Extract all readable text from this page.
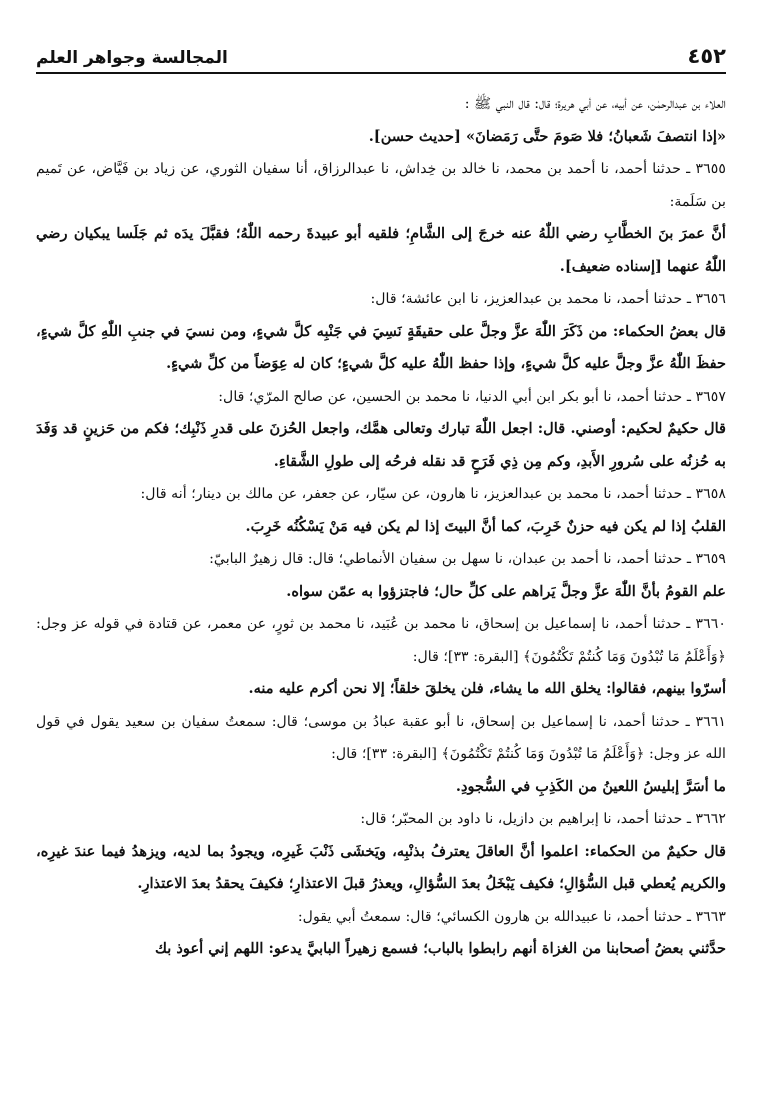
٤٥٢
المجالسة وجواهر العلم

العلاء بن عبدالرحمٰن، عن أبيه، عن أبي هريرة؛ قال: قال النبي ﷺ :

«إذا انتصفَ شَعبانُ؛ فلا صَومَ حتَّى رَمَضانَ» [حديث حسن].

٣٦٥٥ ـ حدثنا أحمد، نا أحمد بن محمد، نا خالد بن خِداش، نا عبدالرزاق، أنا سفيان الثوري، عن زياد بن فَيَّاض، عن تَميم بن سَلَمة:

أنَّ عمرَ بنَ الخطَّابِ رضي اللّٰهُ عنه خرجَ إلى الشَّامِ؛ فلقيه أبو عبيدةَ رحمه اللّٰهُ؛ فقبَّلَ يدَه ثم جَلَسا يبكيان رضي اللّٰهُ عنهما [إسناده ضعيف].

٣٦٥٦ ـ حدثنا أحمد، نا محمد بن عبدالعزيز، نا ابن عائشة؛ قال:

قال بعضُ الحكماء: من ذَكَرَ اللّٰهَ عزَّ وجلَّ على حقيقَةٍ نَسِيَ في جَنْبِه كلَّ شيءٍ، ومن نسيَ في جنبِ اللّٰهِ كلَّ شيءٍ، حفظَ اللّٰهُ عزَّ وجلَّ عليه كلَّ شيءٍ، وإذا حفظ اللّٰهُ عليه كلَّ شيءٍ؛ كان له عِوَضاً من كلِّ شيءٍ.

٣٦٥٧ ـ حدثنا أحمد، نا أبو بكر ابن أبي الدنيا، نا محمد بن الحسين، عن صالح المرّي؛ قال:

قال حكيمٌ لحكيم: أوصني. قال: اجعل اللّٰهَ تبارك وتعالى همَّك، واجعل الحُزنَ على قدرِ ذَنْبِك؛ فكم من حَزينٍ قد وَفَدَ به حُزنُه على سُرورِ الأَبدِ، وكم مِن ذِي فَرَحٍ قد نقله فرحُه إلى طولِ الشَّقاءِ.

٣٦٥٨ ـ حدثنا أحمد، نا محمد بن عبدالعزيز، نا هارون، عن سيّار، عن جعفر، عن مالك بن دينار؛ أنه قال:

القلبُ إذا لم يكن فيه حزنٌ خَرِبَ، كما أنَّ البيتَ إذا لم يكن فيه مَنْ يَسْكُنُه خَرِبَ.

٣٦٥٩ ـ حدثنا أحمد، نا أحمد بن عبدان، نا سهل بن سفيان الأنماطي؛ قال: قال زهيرٌ البابيّ:

علم القومُ بأنَّ اللّٰهَ عزَّ وجلَّ يَراهم على كلِّ حال؛ فاجتزؤوا به عمّن سواه.

٣٦٦٠ ـ حدثنا أحمد، نا إسماعيل بن إسحاق، نا محمد بن عُبَيد، نا محمد بن ثورٍ، عن معمر، عن قتادة في قوله عز وجل: ﴿وَأَعْلَمُ مَا تُبْدُونَ وَمَا كُنتُمْ تَكْتُمُونَ﴾ [البقرة: ٣٣]؛ قال:

أسرّوا بينهم، فقالوا: يخلق الله ما يشاء، فلن يخلقَ خلقاً؛ إلا نحن أكرم عليه منه.

٣٦٦١ ـ حدثنا أحمد، نا إسماعيل بن إسحاق، نا أبو عقبة عبادُ بن موسى؛ قال: سمعتُ سفيان بن سعيد يقول في قول الله عز وجل: ﴿وَأَعْلَمُ مَا تُبْدُونَ وَمَا كُنتُمْ تَكْتُمُونَ﴾ [البقرة: ٣٣]؛ قال:

ما أسَرَّ إبليسُ اللعينُ من الكَذِبِ في السُّجودِ.

٣٦٦٢ ـ حدثنا أحمد، نا إبراهيم بن دازيل، نا داود بن المحبّر؛ قال:

قال حكيمٌ من الحكماء: اعلموا أنَّ العاقلَ يعترفُ بذنْبِه، ويَخشَى ذَنْبَ غَيرِه، ويجودُ بما لديه، ويزهدُ فيما عندَ غيرِه، والكريم يُعطي قبل السُّؤالِ؛ فكيف يَبْخَلُ بعدَ السُّؤالِ، ويعذرُ قبلَ الاعتذارِ؛ فكيفَ يحقدُ بعدَ الاعتذارِ.

٣٦٦٣ ـ حدثنا أحمد، نا عبيدالله بن هارون الكسائي؛ قال: سمعتُ أبي يقول:

حدَّثني بعضُ أصحابنا من الغزاة أنهم رابطوا بالباب؛ فسمع زهيراً البابيَّ يدعو: اللهم إني أعوذ بك
